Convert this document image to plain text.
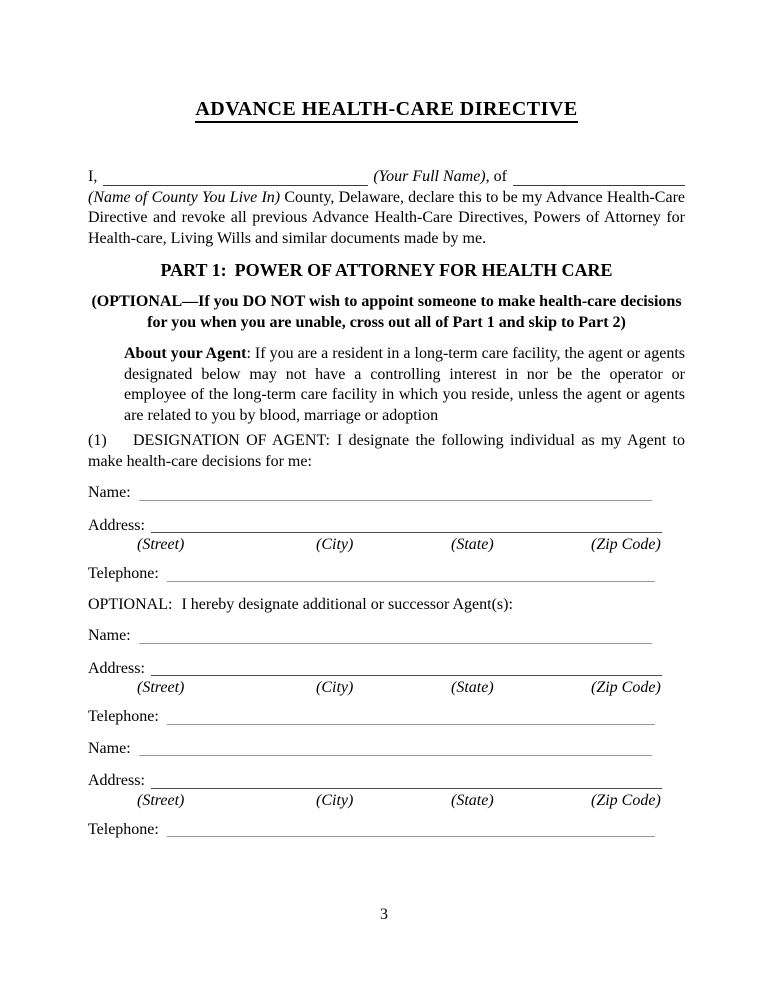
ADVANCE HEALTH-CARE DIRECTIVE
I,	(Your Full Name) , of
(Name of County You Live In) County, Delaware, declare this to be my Advance Health-Care Directive and revoke all previous Advance Health-Care Directives, Powers of Attorney for Health-care, Living Wills and similar documents made by me.
PART 1: POWER OF ATTORNEY FOR HEALTH CARE

(OPTIONAL—If you DO NOT wish to appoint someone to make health-care decisions for you when you are unable, cross out all of Part 1 and skip to Part 2)

About your Agent: If you are a resident in a long-term care facility, the agent or agents designated below may not have a controlling interest in nor be the operator or employee of the long-term care facility in which you reside, unless the agent or agents are related to you by blood, marriage or adoption

(1) DESIGNATION OF AGENT: I designate the following individual as my Agent to make health-care decisions for me:

Name:
Address:
(Street)	(City)	(State)	(Zip Code)
Telephone:

OPTIONAL: I hereby designate additional or successor Agent(s):

Name:
Address:
(Street)	(City)	(State)	(Zip Code)
Telephone:
Name:
Address:
(Street)	(City)	(State)	(Zip Code)
Telephone:
3
